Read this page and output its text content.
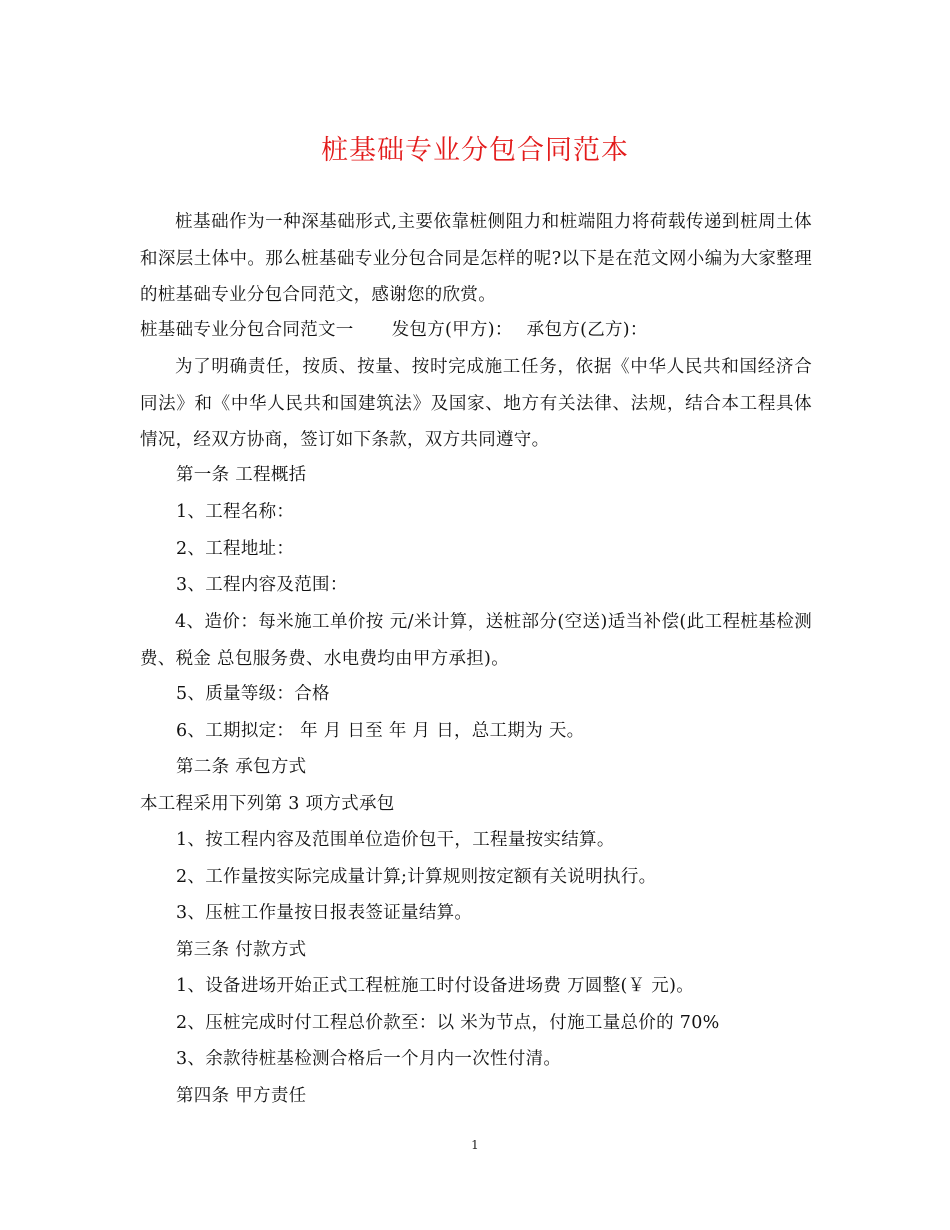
桩基础专业分包合同范本

桩基础作为一种深基础形式,主要依靠桩侧阻力和桩端阻力将荷载传递到桩周土体和深层土体中。那么桩基础专业分包合同是怎样的呢?以下是在范文网小编为大家整理的桩基础专业分包合同范文，感谢您的欣赏。

桩基础专业分包合同范文一 发包方(甲方)： 承包方(乙方)：

为了明确责任，按质、按量、按时完成施工任务，依据《中华人民共和国经济合同法》和《中华人民共和国建筑法》及国家、地方有关法律、法规，结合本工程具体情况，经双方协商，签订如下条款，双方共同遵守。

第一条 工程概括
1、工程名称：
2、工程地址：
3、工程内容及范围：

4、造价：每米施工单价按 元/米计算，送桩部分(空送)适当补偿(此工程桩基检测费、税金 总包服务费、水电费均由甲方承担)。

5、质量等级：合格
6、工期拟定： 年 月 日至 年 月 日，总工期为 天。
第二条 承包方式
本工程采用下列第 3 项方式承包
1、按工程内容及范围单位造价包干，工程量按实结算。
2、工作量按实际完成量计算;计算规则按定额有关说明执行。
3、压桩工作量按日报表签证量结算。
第三条 付款方式
1、设备进场开始正式工程桩施工时付设备进场费 万圆整(￥ 元)。
2、压桩完成时付工程总价款至：以 米为节点，付施工量总价的 70%
3、余款待桩基检测合格后一个月内一次性付清。
第四条 甲方责任
1
